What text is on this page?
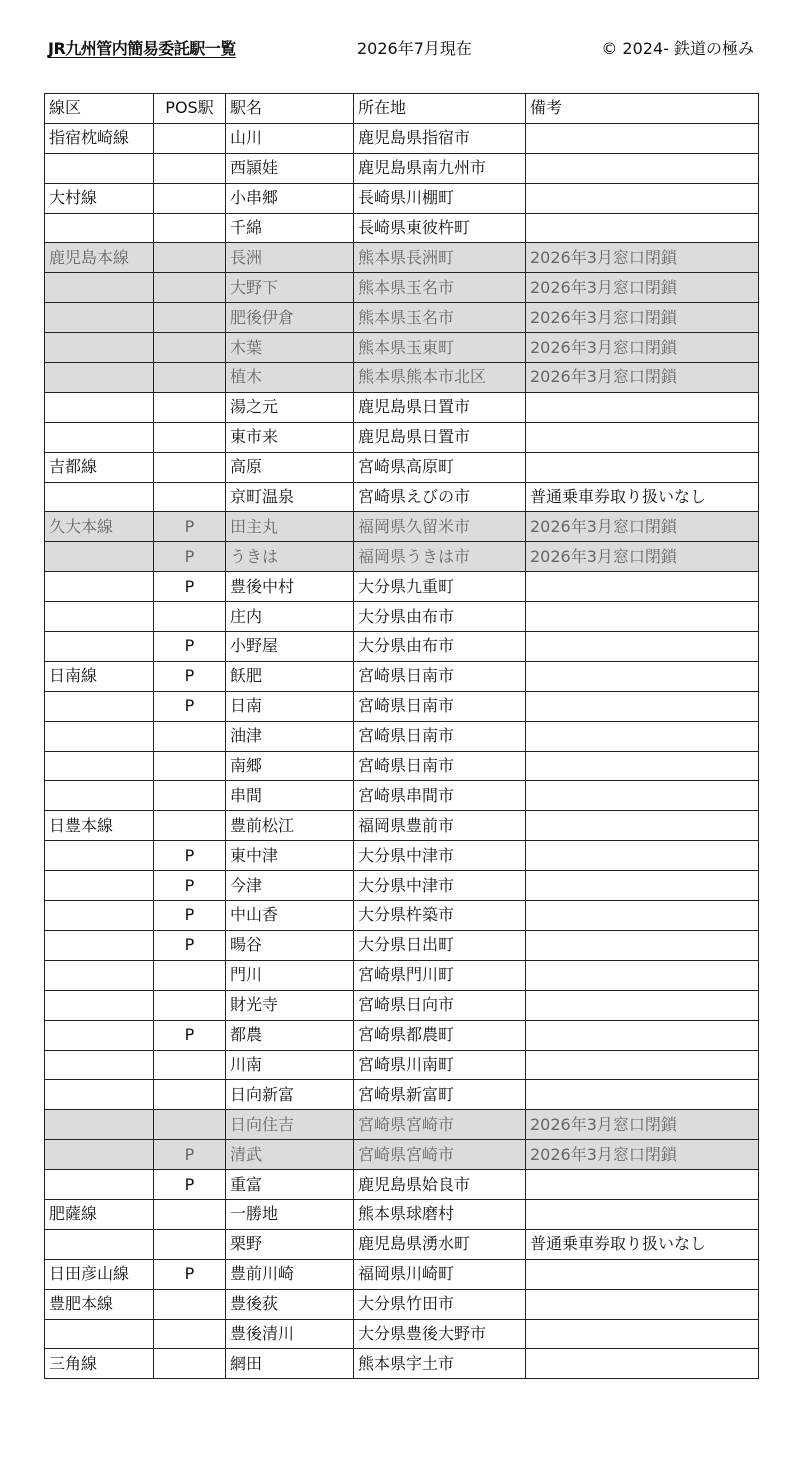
JR九州管内簡易委託駅一覧	2026年7月現在	© 2024- 鉄道の極み
線区	POS駅	駅名	所在地	備考
指宿枕崎線		山川	鹿児島県指宿市	
		西頴娃	鹿児島県南九州市	
大村線		小串郷	長崎県川棚町	
		千綿	長崎県東彼杵町	
鹿児島本線		長洲	熊本県長洲町	2026年3月窓口閉鎖
		大野下	熊本県玉名市	2026年3月窓口閉鎖
		肥後伊倉	熊本県玉名市	2026年3月窓口閉鎖
		木葉	熊本県玉東町	2026年3月窓口閉鎖
		植木	熊本県熊本市北区	2026年3月窓口閉鎖
		湯之元	鹿児島県日置市	
		東市来	鹿児島県日置市	
吉都線		高原	宮崎県高原町	
		京町温泉	宮崎県えびの市	普通乗車券取り扱いなし
久大本線	P	田主丸	福岡県久留米市	2026年3月窓口閉鎖
	P	うきは	福岡県うきは市	2026年3月窓口閉鎖
	P	豊後中村	大分県九重町	
		庄内	大分県由布市	
	P	小野屋	大分県由布市	
日南線	P	飫肥	宮崎県日南市	
	P	日南	宮崎県日南市	
		油津	宮崎県日南市	
		南郷	宮崎県日南市	
		串間	宮崎県串間市	
日豊本線		豊前松江	福岡県豊前市	
	P	東中津	大分県中津市	
	P	今津	大分県中津市	
	P	中山香	大分県杵築市	
	P	暘谷	大分県日出町	
		門川	宮崎県門川町	
		財光寺	宮崎県日向市	
	P	都農	宮崎県都農町	
		川南	宮崎県川南町	
		日向新富	宮崎県新富町	
		日向住吉	宮崎県宮崎市	2026年3月窓口閉鎖
	P	清武	宮崎県宮崎市	2026年3月窓口閉鎖
	P	重富	鹿児島県姶良市	
肥薩線		一勝地	熊本県球磨村	
		栗野	鹿児島県湧水町	普通乗車券取り扱いなし
日田彦山線	P	豊前川崎	福岡県川崎町	
豊肥本線		豊後荻	大分県竹田市	
		豊後清川	大分県豊後大野市	
三角線		網田	熊本県宇土市	
